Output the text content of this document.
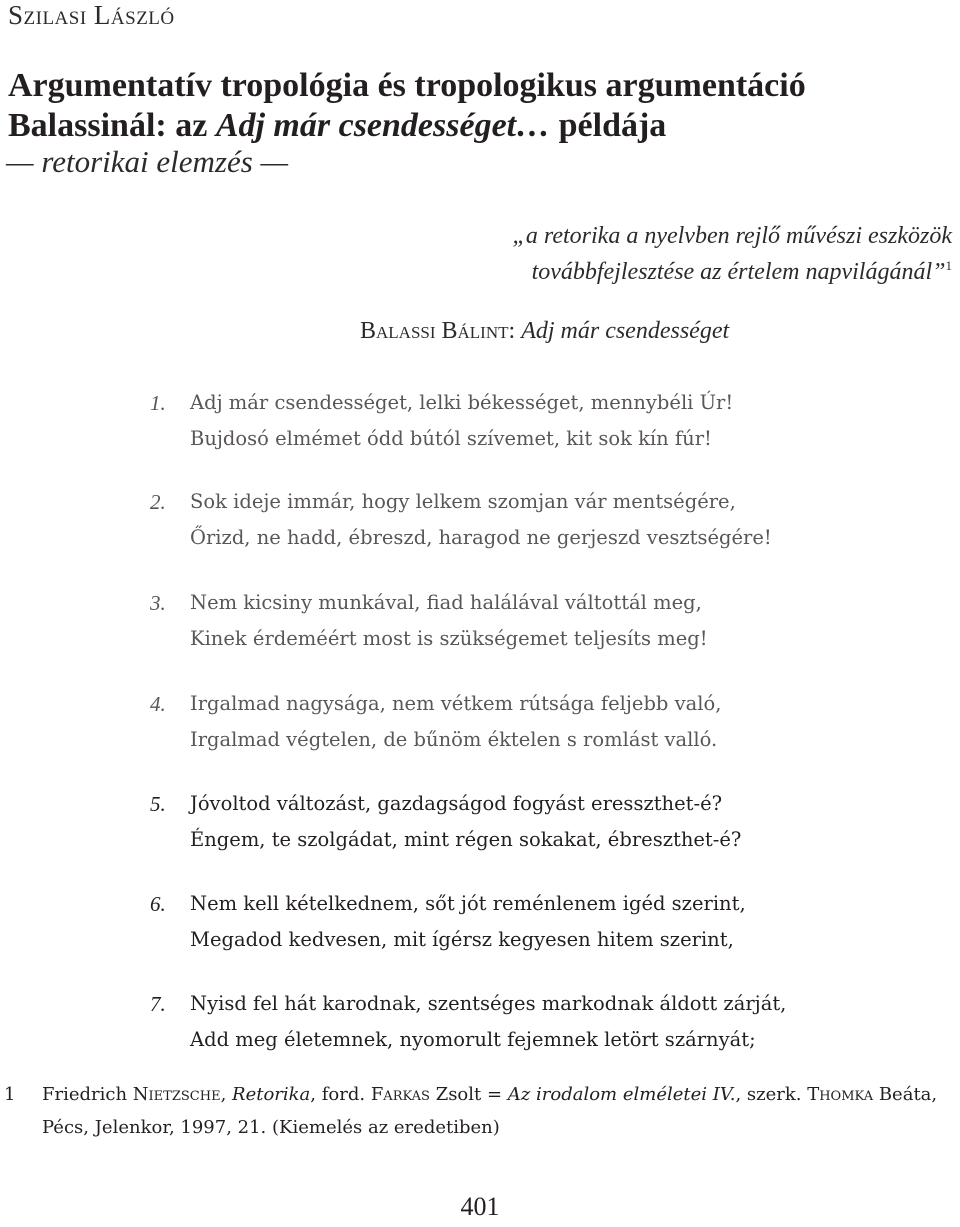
Szilasi László
Argumentatív tropológia és tropologikus argumentáció
Balassinál: az Adj már csendességet… példája
— retorikai elemzés —
„a retorika a nyelvben rejlő művészi eszközök
továbbfejlesztése az értelem napvilágánál”$^1$
Balassi Bálint: Adj már csendességet
1. Adj már csendességet, lelki békességet, mennybéli Úr!
Bujdosó elmémet ódd bútól szívemet, kit sok kín fúr!
2. Sok ideje immár, hogy lelkem szomjan vár mentségére,
Őrizd, ne hadd, ébreszd, haragod ne gerjeszd vesztségére!
3. Nem kicsiny munkával, fiad halálával váltottál meg,
Kinek érdeméért most is szükségemet teljesíts meg!
4. Irgalmad nagysága, nem vétkem rútsága feljebb való,
Irgalmad végtelen, de bűnöm éktelen s romlást valló.
5. Jóvoltod változást, gazdagságod fogyást eresszthet-é?
Éngem, te szolgádat, mint régen sokakat, ébreszthet-é?
6. Nem kell kételkednem, sőt jót reménlenem igéd szerint,
Megadod kedvesen, mit ígérsz kegyesen hitem szerint,
7. Nyisd fel hát karodnak, szentséges markodnak áldott zárját,
Add meg életemnek, nyomorult fejemnek letört szárnyát;
1 Friedrich Nietzsche, Retorika, ford. Farkas Zsolt = Az irodalom elméletei IV., szerk. Thomka Beáta, Pécs, Jelenkor, 1997, 21. (Kiemelés az eredetiben)
401
